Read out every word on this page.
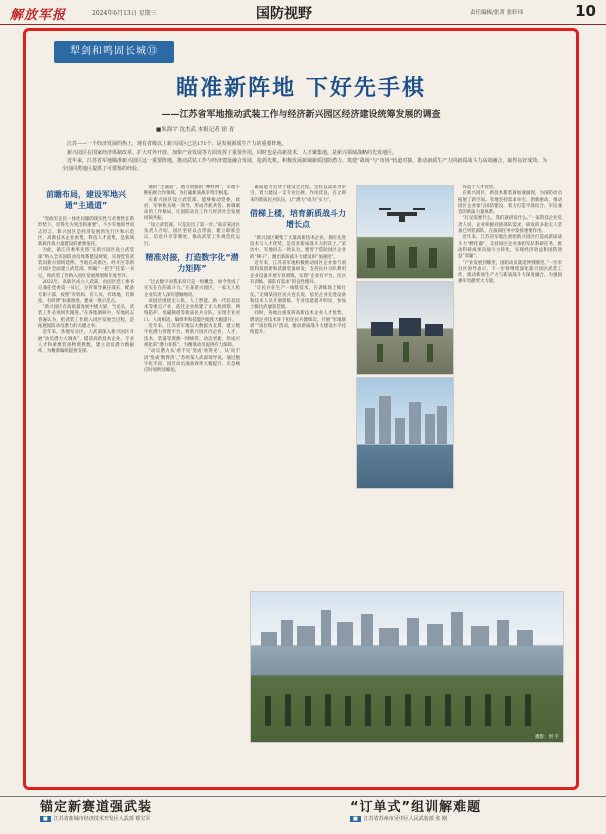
解放军报	2024年6月13日 星期三	国防视野	责任编辑/张菁 张轩玮	10
犁剑和鸣固长城⑬
瞄准新阵地 下好先手棋
——江苏省军地推动武装工作与经济新兴园区经济建设统筹发展的调查
■朱海宇 沈杰武 本报记者 徐 青

江苏——一个经济发展的热土，现有省级以上新兴园区已达171个，是发展新质生产力的重要阵地。

新兴园区在国家经济体制改革、扩大对外开放、加快产业发展等方面发挥了重要作用，同时也是高新技术、人才聚集地，是新兴领域战略的先发地区。

近年来，江苏省军地瞄准新兴园区这一重要阵地，推动武装工作与经济建设融合发展，抢抓先机、积极发展新域新质国防潜力、筑建“战场”与“市场”轨道对接，推动新质生产力同新质战斗力高效融合，取得良好成效，为全国同类地区提供了可借鉴的经验。

前瞻布局，建设军地兴通“主通道”

“党政军企民一体化问题的现实性与必要性在新形势下，显得尤为突出和重要”。不少军地领导同志坦言，新兴园区是经济发展的先行区和示范区，高新技术企业密集，科技人才富集，是新域新质作战力量建设的重要依托。

为此，镇江市委率先将“在新兴园区设立武装部”纳入全市国防动员体系建设规划，实现党管武装向新兴领域延伸。当地在高新区、经开区等新兴园区全面建立武装部，明确“一把手”任第一书记，将武装工作纳入园区发展规划和年度考评。

2022年，高新区成立人武部，由园区党工委书记兼任党委第一书记，分管领导兼任部长，配备专职干部，按照“有机构、有人员、有场地、有制度、有经费”标准推进，建成一批示范点。

“新兴园区在高质量发展中挑大梁、当龙头，武装工作必须同步跟进。”在各地调研中，军地同志普遍认为，把武装工作嵌入园区发展全过程，是拓展国防动员潜力的关键之举。

近年来，各地军分区、人武部深入新兴园区开展“动员潜力大调查”，摸清高新技术企业、专业人才和重要装备物资底数，建立动员潜力数据库，为精准编组提供支撑。

通的“主通道”，潜力资源的“神经网”，军地不断拓展合作领域，为打赢新质战争筑牢根基。

在新兴园区设立武装部，能够推动党委、政府、军事机关统一领导，形成齐抓共管、协调联动的工作格局，让国防动员工作与经济社会发展同频共振。

“设立武装部，只是迈出了第一步。”南京某园区负责人介绍，园区坚持以点带面，建立联席会议、信息共享等制度，推动武装工作规范化运行。

精准对接，打造数字化“潜力矩阵”

“过去数字对我来说只是一组概念，如今变成了实实在在的战斗力。”在某新兴园区，一家无人机企业负责人深有感触地说。

该园区围绕无人机、人工智能、新一代信息技术等重点产业，依托企业组建了无人机侦察、网络防护、电磁频谱等新质民兵分队，实现专业对口、人岗相适，编组率和技能匹配度大幅提升。

近年来，江苏省军地以大数据为支撑，建立数字化潜力管理平台，将新兴园区内企业、人才、技术、装备等资源一网统管、动态更新，形成可视化的“潜力矩阵”，为精准动员提供有力保障。

“动员潜力从‘看不见’变成‘看得见’，从‘说不清’变成‘数得清’。”苏州某人武部领导说，通过数字化手段，园区动员准备效率大幅提升，应急响应时间明显缩短。

素质能力贯穿于建设全过程。坚持以需求为牵引，着力建设一支专业过硬、作风优良、召之即来的新质民兵队伍，让“潜力”成为“实力”。

借梯上楼，培育新质战斗力增长点

“新兴园区聚集了大量高新技术企业，拥有先进技术与人才优势，是培育新质战斗力的沃土。”采访中，军地同志一致认为，要善于借助园区企业的“梯子”，跑出新质战斗力建设的“加速度”。

近年来，江苏省军地积极推动园区企业参与国防科技创新和武器装备研发，支持民兵分队利用企业设备开展专业训练，实现“企业有平台、民兵有训练、部队有需求”的良性循环。

“让民兵在生产一线练技术，在训练场上练打仗。”无锡某园区民兵连长说，依托企业先进设备和技术人员开展训练，专业技能提升明显，参加上级比武屡获佳绩。

同时，各地注重发挥高新技术企业人才优势，聘请企业技术骨干担任民兵教练员，开展“军地联训”“岗位练兵”活动，推动新质战斗力建设水平持续提升。

得益于人才优势。

在新兴园区，新技术新装备加速涌现，为国防动员拓展了新空间。军地坚持需求牵引、创新驱动，推动园区企业参与国防建设，着力打造平战结合、军民兼容的新质力量体系。

“打仗需要什么，我们就研发什么。”一家科技企业负责人说，企业积极对接部队需求，研发的多款无人装备已列装部队，在演训任务中发挥重要作用。

近年来，江苏省军地注重把新兴园区打造成新质战斗力“孵化器”，支持园区企业承担军队科研任务，推动科研成果向战斗力转化，实现经济效益和国防效益“双赢”。

“产业发展到哪里，国防动员就延伸到哪里。”一位军分区领导表示，下一步将继续深化新兴园区武装工作，推动新质生产力与新质战斗力深度融合，为强国强军贡献更大力量。

摄影：周 宇
锚定新赛道强武装
■ 江苏省盐城市经济技术开发区人武部 蔡宝军
“订单式”组训解难题
■ 江苏省苏州市吴中区人民武装部 张 刚
